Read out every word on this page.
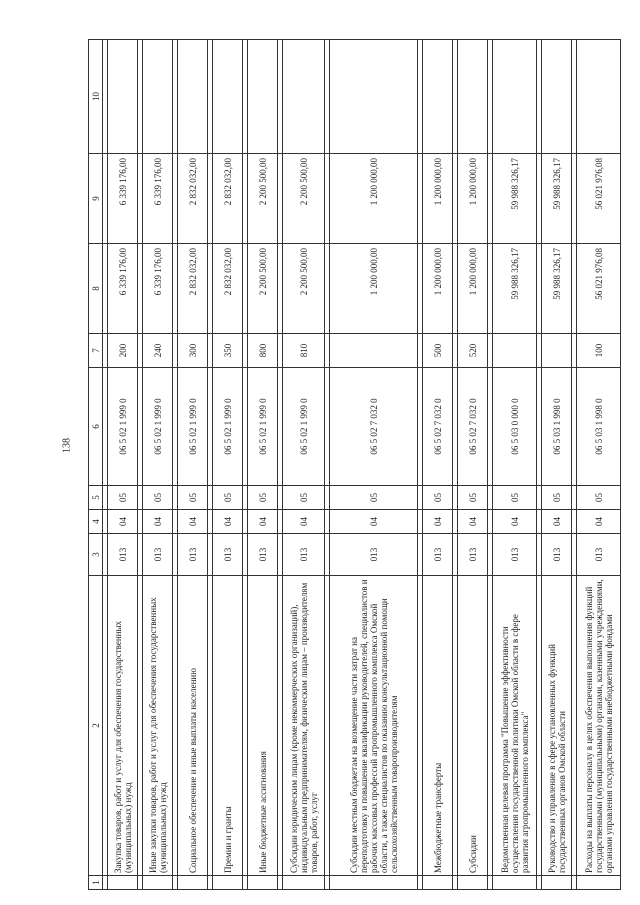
138
1	2	3	4	5	6	7	8	9	10

	Закупка товаров, работ и услуг для обеспечения государственных (муниципальных) нужд	013	04	05	06 5 02 1 999 0	200	6 339 176,00	6 339 176,00	

	Иные закупки товаров, работ и услуг для обеспечения государственных (муниципальных) нужд	013	04	05	06 5 02 1 999 0	240	6 339 176,00	6 339 176,00	

	Социальное обеспечение и иные выплаты населению	013	04	05	06 5 02 1 999 0	300	2 832 032,00	2 832 032,00	

	Премии и гранты	013	04	05	06 5 02 1 999 0	350	2 832 032,00	2 832 032,00	

	Иные бюджетные ассигнования	013	04	05	06 5 02 1 999 0	800	2 200 500,00	2 200 500,00	

	Субсидии юридическим лицам (кроме некоммерческих организаций), индивидуальным предпринимателям, физическим лицам – производителям товаров, работ, услуг	013	04	05	06 5 02 1 999 0	810	2 200 500,00	2 200 500,00	

	Субсидии местным бюджетам на возмещение части затрат на переподготовку и повышение квалификации руководителей, специалистов и рабочих массовых профессий агропромышленного комплекса Омской области, а также специалистов по оказанию консультационной помощи сельскохозяйственным товаропроизводителям	013	04	05	06 5 02 7 032 0		1 200 000,00	1 200 000,00	

	Межбюджетные трансферты	013	04	05	06 5 02 7 032 0	500	1 200 000,00	1 200 000,00	

	Субсидии	013	04	05	06 5 02 7 032 0	520	1 200 000,00	1 200 000,00	

	Ведомственная целевая программа "Повышение эффективности осуществления государственной политики Омской области в сфере развития агропромышленного комплекса"	013	04	05	06 5 03 0 000 0		59 988 326,17	59 988 326,17	

	Руководство и управление в сфере установленных функций государственных органов Омской области	013	04	05	06 5 03 1 998 0		59 988 326,17	59 988 326,17	

	Расходы на выплаты персоналу в целях обеспечения выполнения функций государственными (муниципальными) органами, казенными учреждениями, органами управления государственными внебюджетными фондами	013	04	05	06 5 03 1 998 0	100	56 021 976,08	56 021 976,08	
